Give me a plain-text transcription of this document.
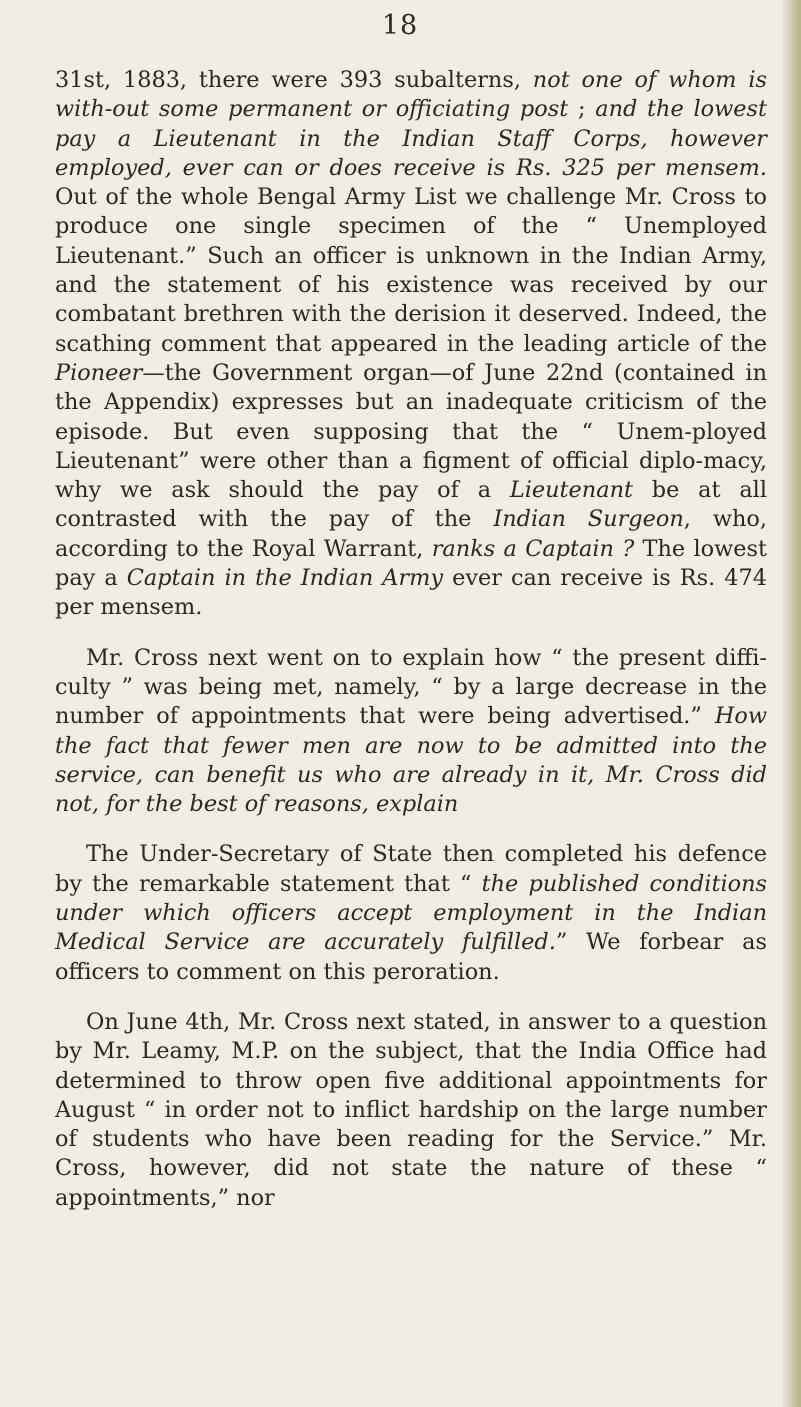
18

31st, 1883, there were 393 subalterns, not one of whom is with-out some permanent or officiating post ; and the lowest pay a Lieutenant in the Indian Staff Corps, however employed, ever can or does receive is Rs. 325 per mensem. Out of the whole Bengal Army List we challenge Mr. Cross to produce one single specimen of the “ Unemployed Lieutenant.” Such an officer is unknown in the Indian Army, and the statement of his existence was received by our combatant brethren with the derision it deserved. Indeed, the scathing comment that appeared in the leading article of the Pioneer—the Government organ—of June 22nd (contained in the Appendix) expresses but an inadequate criticism of the episode. But even supposing that the “ Unem-ployed Lieutenant” were other than a figment of official diplo-macy, why we ask should the pay of a Lieutenant be at all contrasted with the pay of the Indian Surgeon, who, according to the Royal Warrant, ranks a Captain ? The lowest pay a Captain in the Indian Army ever can receive is Rs. 474 per mensem.

Mr. Cross next went on to explain how “ the present diffi-culty ” was being met, namely, “ by a large decrease in the number of appointments that were being advertised.” How the fact that fewer men are now to be admitted into the service, can benefit us who are already in it, Mr. Cross did not, for the best of reasons, explain

The Under-Secretary of State then completed his defence by the remarkable statement that “ the published conditions under which officers accept employment in the Indian Medical Service are accurately fulfilled.” We forbear as officers to comment on this peroration.

On June 4th, Mr. Cross next stated, in answer to a question by Mr. Leamy, M.P. on the subject, that the India Office had determined to throw open five additional appointments for August “ in order not to inflict hardship on the large number of students who have been reading for the Service.” Mr. Cross, however, did not state the nature of these “ appointments,” nor
